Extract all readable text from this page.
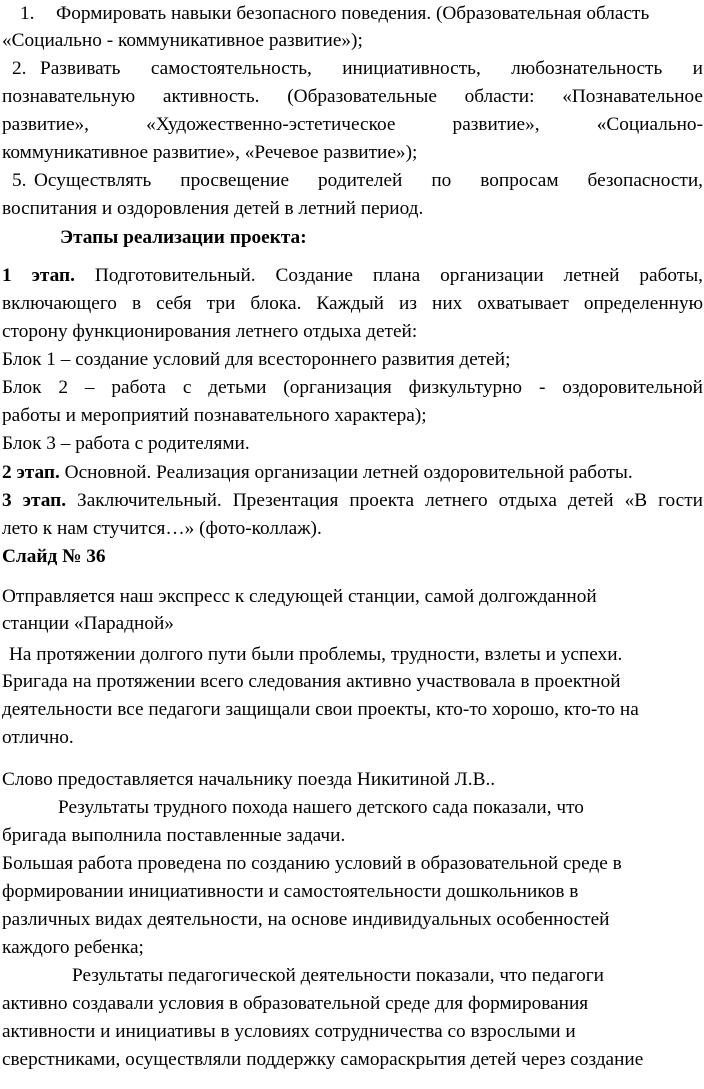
1. Формировать навыки безопасного поведения. (Образовательная область
«Социально - коммуникативное развитие»);
2. Развивать самостоятельность, инициативность, любознательность и
познавательную активность. (Образовательные области: «Познавательное
развитие», «Художественно-эстетическое развитие», «Социально-
коммуникативное развитие», «Речевое развитие»);
5. Осуществлять просвещение родителей по вопросам безопасности,
воспитания и оздоровления детей в летний период.
Этапы реализации проекта:
1 этап. Подготовительный. Создание плана организации летней работы,
включающего в себя три блока. Каждый из них охватывает определенную
сторону функционирования летнего отдыха детей:
Блок 1 – создание условий для всестороннего развития детей;
Блок 2 – работа с детьми (организация физкультурно - оздоровительной
работы и мероприятий познавательного характера);
Блок 3 – работа с родителями.
2 этап. Основной. Реализация организации летней оздоровительной работы.
3 этап. Заключительный. Презентация проекта летнего отдыха детей «В гости
лето к нам стучится…» (фото-коллаж).
Слайд № 36
Отправляется наш экспресс к следующей станции, самой долгожданной
станции «Парадной»
На протяжении долгого пути были проблемы, трудности, взлеты и успехи.
Бригада на протяжении всего следования активно участвовала в проектной
деятельности все педагоги защищали свои проекты, кто-то хорошо, кто-то на
отлично.
Слово предоставляется начальнику поезда Никитиной Л.В..
Результаты трудного похода нашего детского сада показали, что
бригада выполнила поставленные задачи.
Большая работа проведена по созданию условий в образовательной среде в
формировании инициативности и самостоятельности дошкольников в
различных видах деятельности, на основе индивидуальных особенностей
каждого ребенка;
Результаты педагогической деятельности показали, что педагоги
активно создавали условия в образовательной среде для формирования
активности и инициативы в условиях сотрудничества со взрослыми и
сверстниками, осуществляли поддержку самораскрытия детей через создание
